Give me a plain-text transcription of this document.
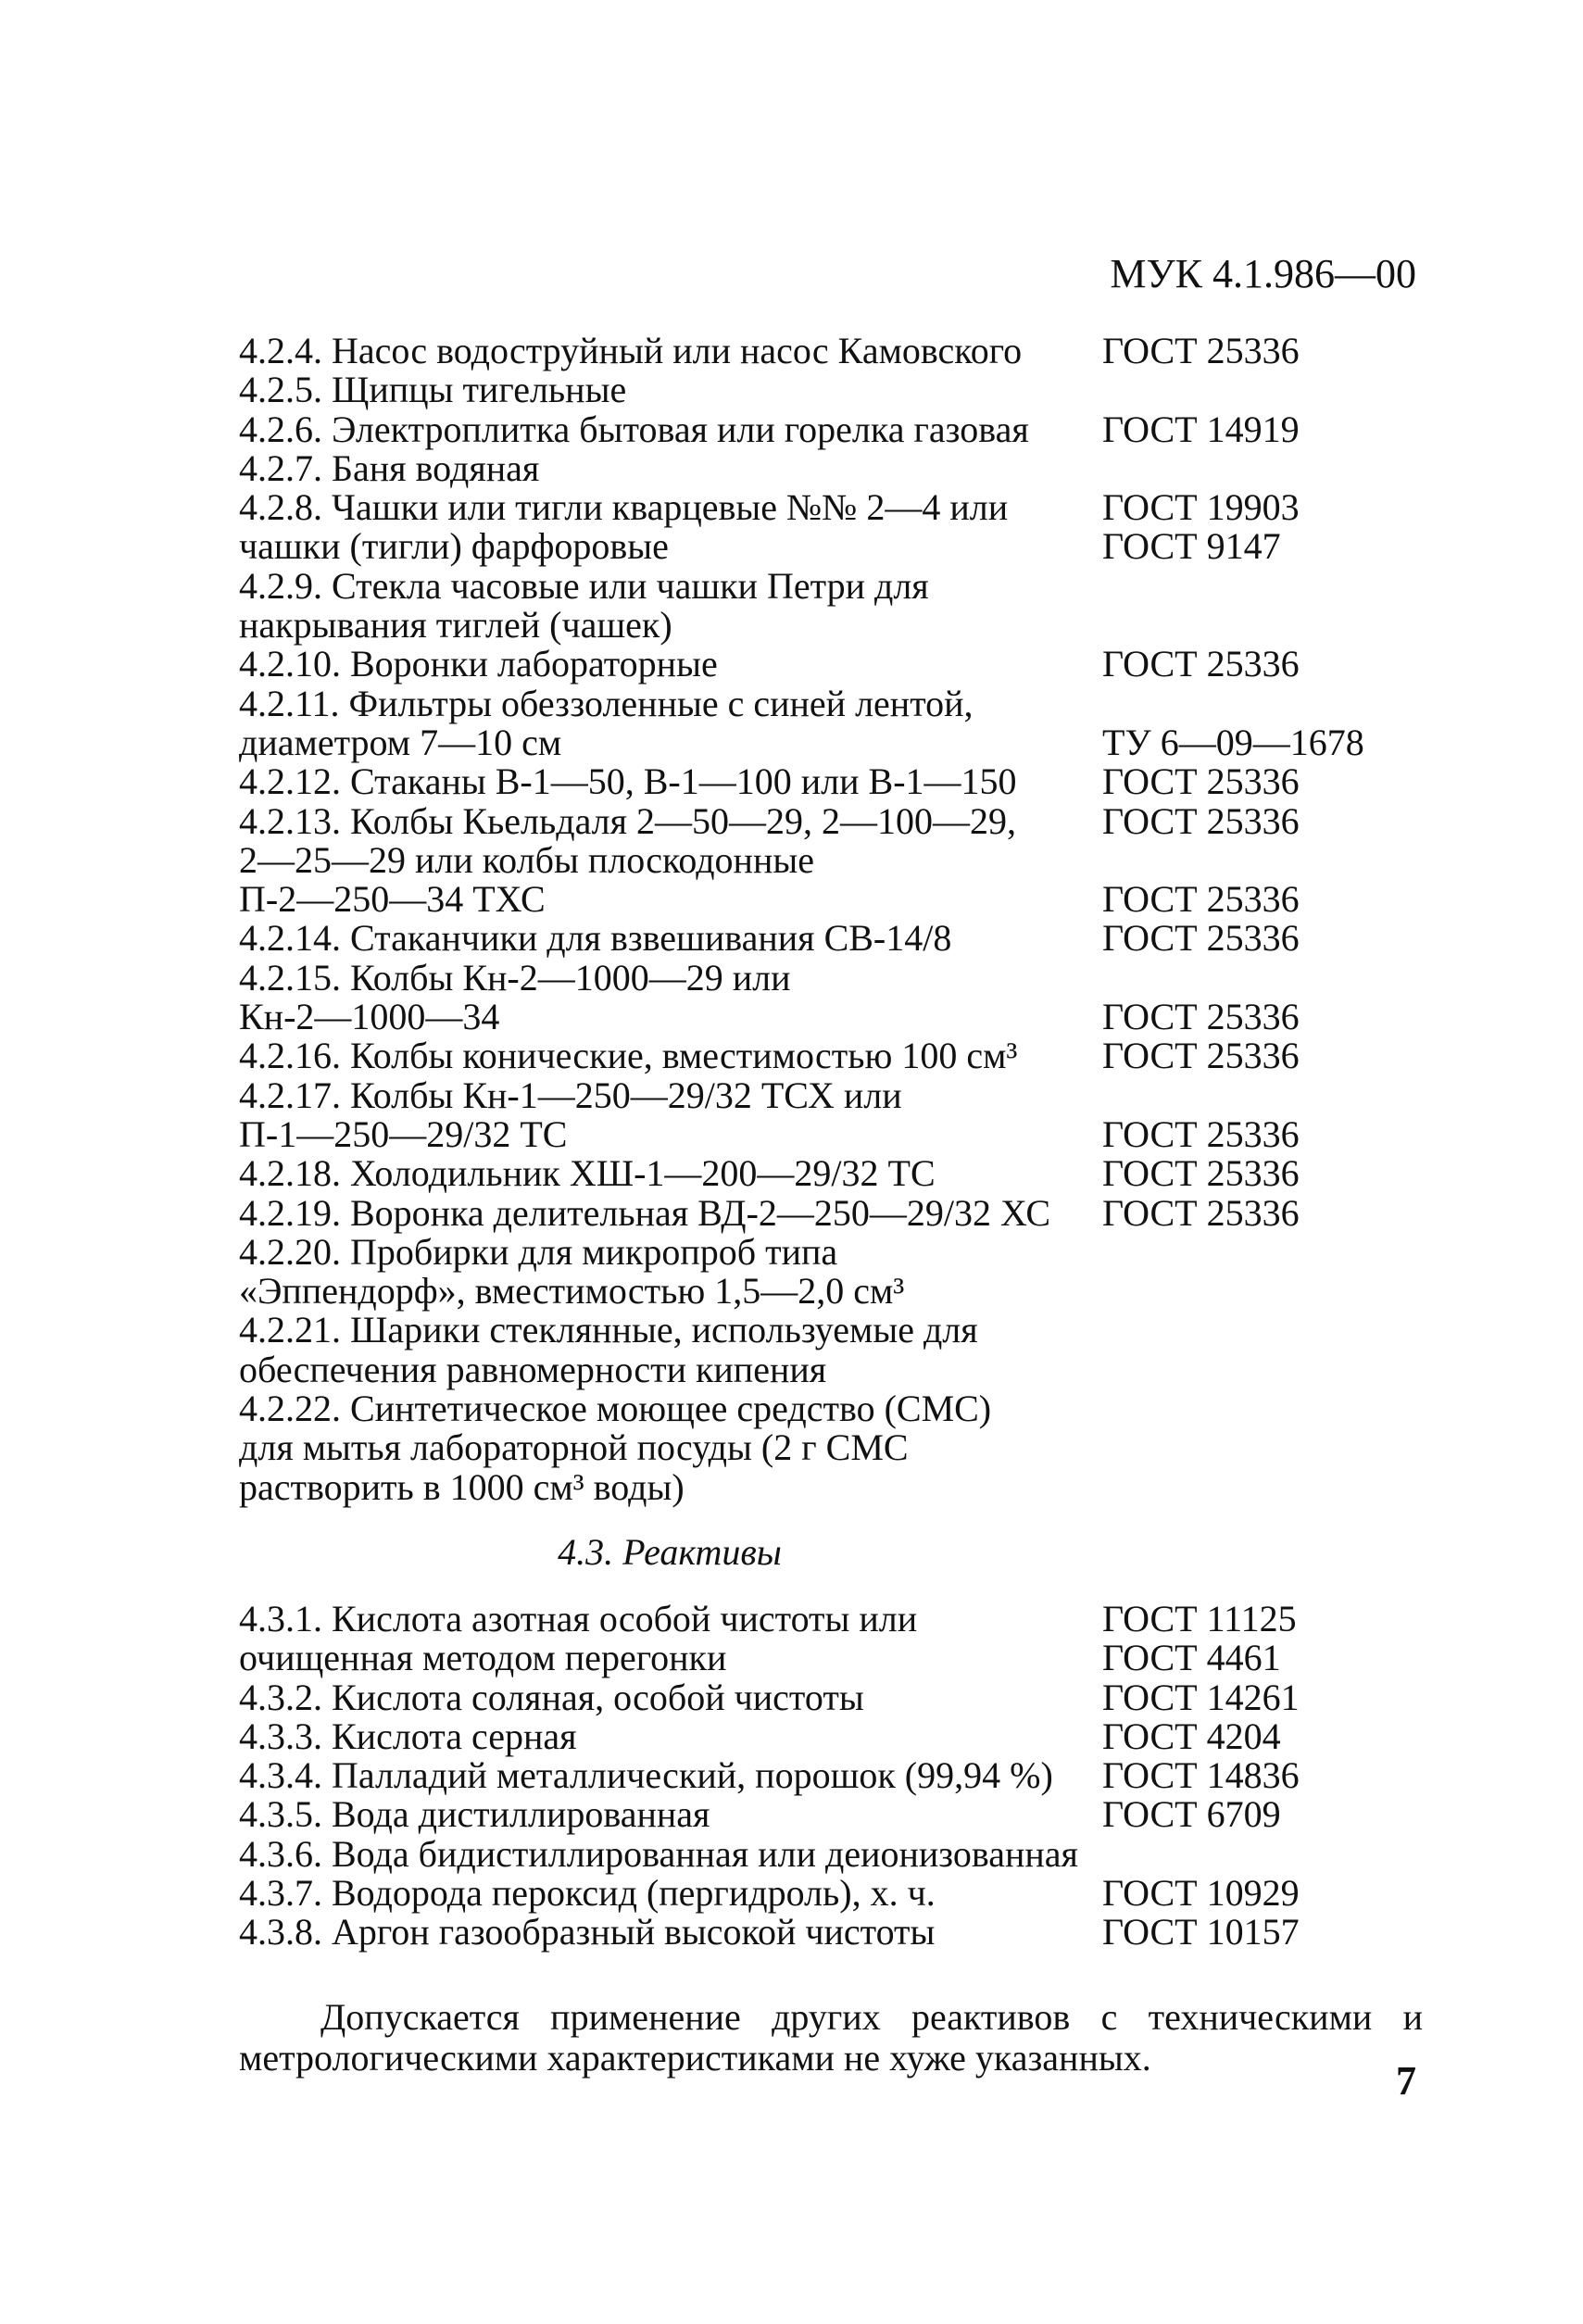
МУК 4.1.986—00
4.2.4. Насос водоструйный или насос Камовского	ГОСТ 25336
4.2.5. Щипцы тигельные
4.2.6. Электроплитка бытовая или горелка газовая	ГОСТ 14919
4.2.7. Баня водяная
4.2.8. Чашки или тигли кварцевые №№ 2—4 или	ГОСТ 19903
чашки (тигли) фарфоровые	ГОСТ 9147
4.2.9. Стекла часовые или чашки Петри для
накрывания тиглей (чашек)
4.2.10. Воронки лабораторные	ГОСТ 25336
4.2.11. Фильтры обеззоленные с синей лентой,
диаметром 7—10 см	ТУ 6—09—1678
4.2.12. Стаканы В-1—50, В-1—100 или В-1—150	ГОСТ 25336
4.2.13. Колбы Кьельдаля 2—50—29, 2—100—29,	ГОСТ 25336
2—25—29 или колбы плоскодонные
П-2—250—34 ТХС	ГОСТ 25336
4.2.14. Стаканчики для взвешивания СВ-14/8	ГОСТ 25336
4.2.15. Колбы Кн-2—1000—29 или
Кн-2—1000—34	ГОСТ 25336
4.2.16. Колбы конические, вместимостью 100 см³	ГОСТ 25336
4.2.17. Колбы Кн-1—250—29/32 ТСХ или
П-1—250—29/32 ТС	ГОСТ 25336
4.2.18. Холодильник ХШ-1—200—29/32 ТС	ГОСТ 25336
4.2.19. Воронка делительная ВД-2—250—29/32 ХС	ГОСТ 25336
4.2.20. Пробирки для микропроб типа
«Эппендорф», вместимостью 1,5—2,0 см³
4.2.21. Шарики стеклянные, используемые для
обеспечения равномерности кипения
4.2.22. Синтетическое моющее средство (СМС)
для мытья лабораторной посуды (2 г СМС
растворить в 1000 см³ воды)
4.3. Реактивы
4.3.1. Кислота азотная особой чистоты или	ГОСТ 11125
очищенная методом перегонки	ГОСТ 4461
4.3.2. Кислота соляная, особой чистоты	ГОСТ 14261
4.3.3. Кислота серная	ГОСТ 4204
4.3.4. Палладий металлический, порошок (99,94 %)	ГОСТ 14836
4.3.5. Вода дистиллированная	ГОСТ 6709
4.3.6. Вода бидистиллированная или деионизованная
4.3.7. Водорода пероксид (пергидроль), х. ч.	ГОСТ 10929
4.3.8. Аргон газообразный высокой чистоты	ГОСТ 10157
Допускается применение других реактивов с техническими и метрологическими характеристиками не хуже указанных.
7
